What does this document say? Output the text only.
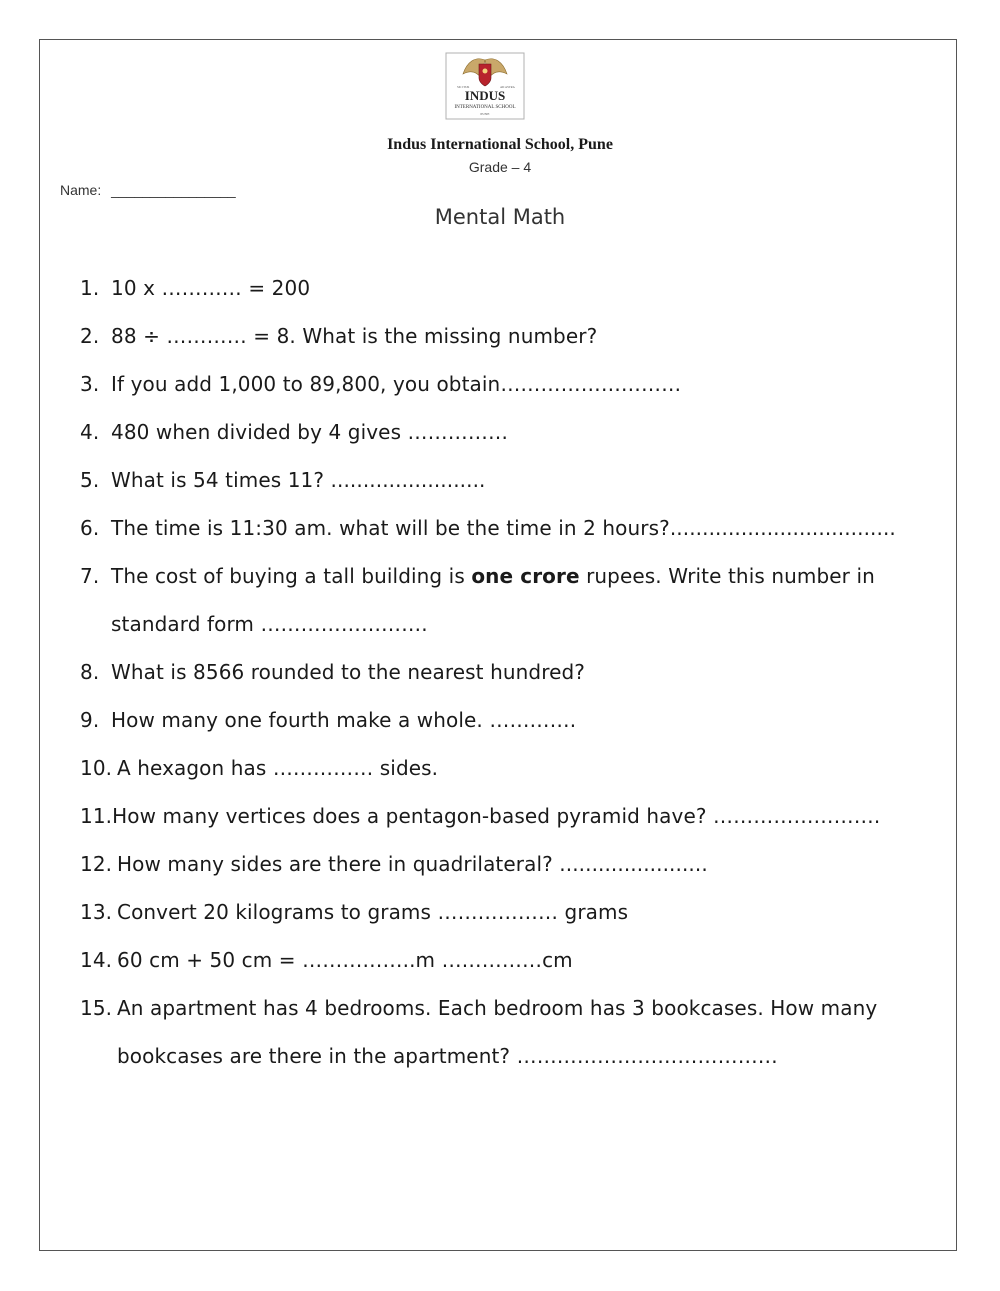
SIC ITUR	AD ASTRA
INDUS
INTERNATIONAL SCHOOL
PUNE
Indus International School, Pune
Grade – 4
Name: ________________
Mental Math
1. 10 x ………… = 200
2. 88 ÷ ………… = 8. What is the missing number?
3. If you add 1,000 to 89,800, you obtain………………………
4. 480 when divided by 4 gives ……………
5. What is 54 times 11? ........................
6. The time is 11:30 am. what will be the time in 2 hours?...................................
7. The cost of buying a tall building is one crore rupees. Write this number in standard form …………………….
8. What is 8566 rounded to the nearest hundred?
9. How many one fourth make a whole. ………….
10. A hexagon has …………… sides.
11. How many vertices does a pentagon-based pyramid have? …………………….
12. How many sides are there in quadrilateral? .......................
13. Convert 20 kilograms to grams ……………… grams
14. 60 cm + 50 cm = ……………..m ……………cm
15. An apartment has 4 bedrooms. Each bedroom has 3 bookcases. How many bookcases are there in the apartment? …………………………………
